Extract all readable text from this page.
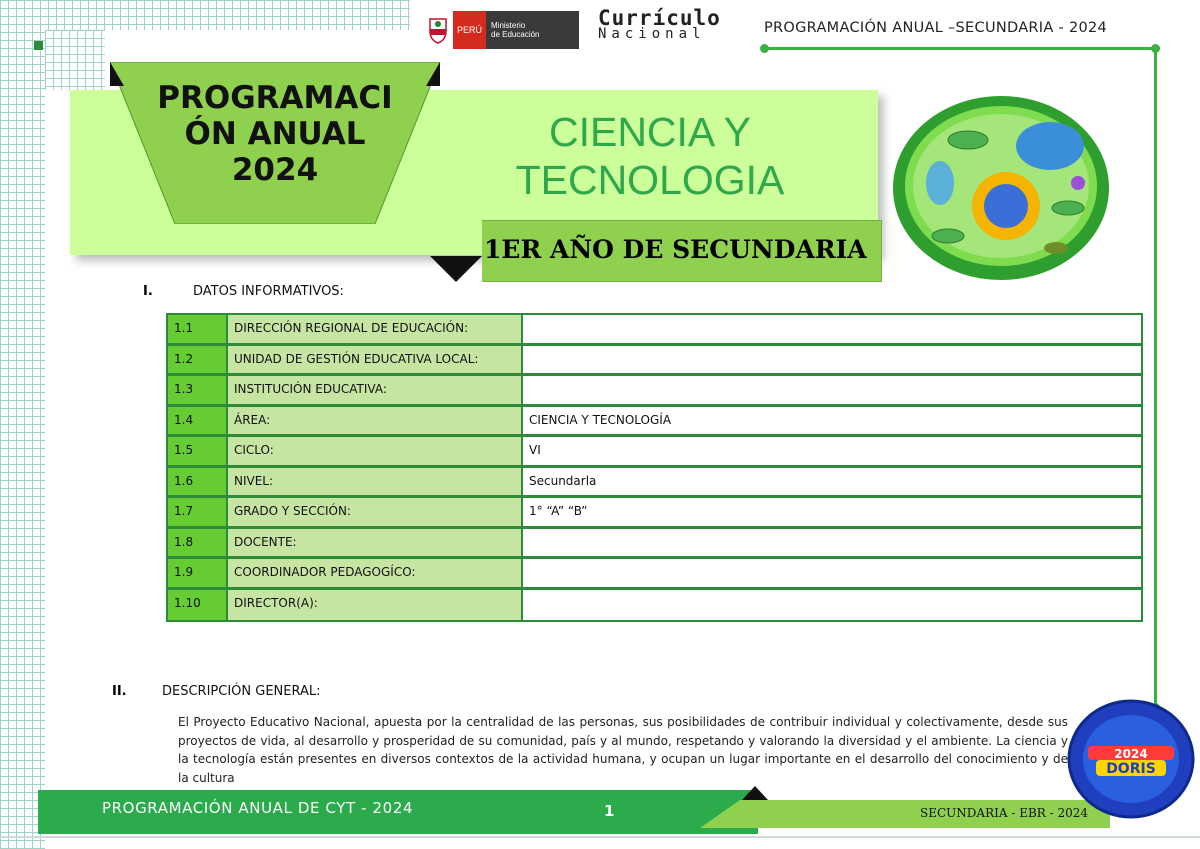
PERÚ	Ministerio
de Educación
Currículo
Nacional	PROGRAMACIÓN ANUAL –SECUNDARIA - 2024
PROGRAMACI
ÓN ANUAL
2024
CIENCIA Y
TECNOLOGIA
1ER AÑO DE SECUNDARIA
I.	DATOS INFORMATIVOS:
1.1	DIRECCIÓN REGIONAL DE EDUCACIÓN:	
1.2	UNIDAD DE GESTIÓN EDUCATIVA LOCAL:	
1.3	INSTITUCIÓN EDUCATIVA:	
1.4	ÁREA:	CIENCIA Y TECNOLOGÍA
1.5	CICLO:	VI
1.6	NIVEL:	Secundarla
1.7	GRADO Y SECCIÓN:	1° “A” “B”
1.8	DOCENTE:	
1.9	COORDINADOR PEDAGOGÍCO:	
1.10	DIRECTOR(A):	
II.	DESCRIPCIÓN GENERAL:
El Proyecto Educativo Nacional, apuesta por la centralidad de las personas, sus posibilidades de contribuir individual y colectivamente, desde sus proyectos de vida, al desarrollo y prosperidad de su comunidad, país y al mundo, respetando y valorando la diversidad y el ambiente. La ciencia y la tecnología están presentes en diversos contextos de la actividad humana, y ocupan un lugar importante en el desarrollo del conocimiento y de la cultura
PROGRAMACIÓN ANUAL DE CYT - 2024	1	SECUNDARIA - EBR - 2024
2024
DORIS
